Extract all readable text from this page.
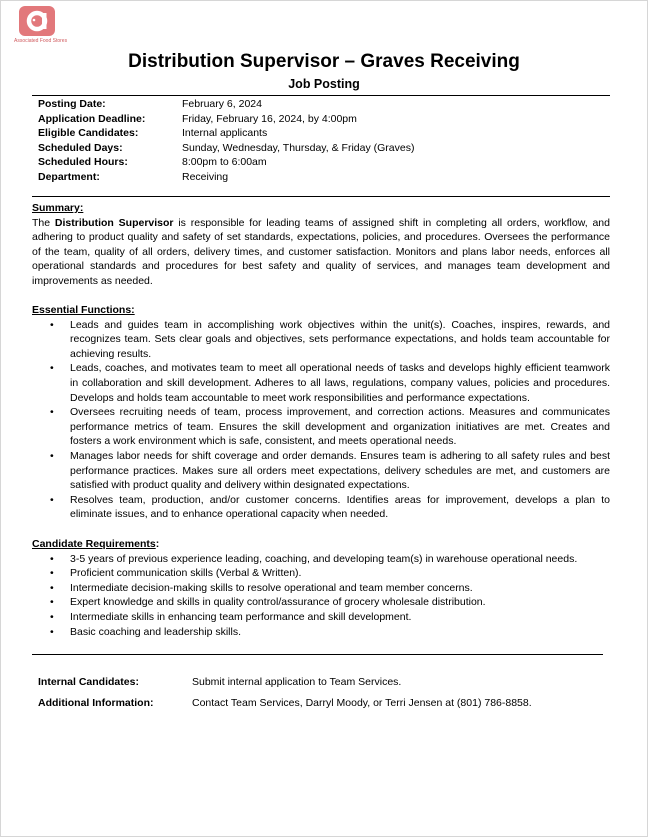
Associated Food Stores
Distribution Supervisor – Graves Receiving
Job Posting
Posting Date:	February 6, 2024
Application Deadline:	Friday, February 16, 2024, by 4:00pm
Eligible Candidates:	Internal applicants
Scheduled Days:	Sunday, Wednesday, Thursday, & Friday (Graves)
Scheduled Hours:	8:00pm to 6:00am
Department:	Receiving
Summary:
The Distribution Supervisor is responsible for leading teams of assigned shift in completing all orders, workflow, and adhering to product quality and safety of set standards, expectations, policies, and procedures. Oversees the performance of the team, quality of all orders, delivery times, and customer satisfaction. Monitors and plans labor needs, enforces all operational standards and procedures for best safety and quality of services, and manages team development and improvements as needed.
Essential Functions:
• Leads and guides team in accomplishing work objectives within the unit(s). Coaches, inspires, rewards, and recognizes team. Sets clear goals and objectives, sets performance expectations, and holds team accountable for achieving results.
• Leads, coaches, and motivates team to meet all operational needs of tasks and develops highly efficient teamwork in collaboration and skill development. Adheres to all laws, regulations, company values, policies and procedures. Develops and holds team accountable to meet work responsibilities and performance expectations.
• Oversees recruiting needs of team, process improvement, and correction actions. Measures and communicates performance metrics of team. Ensures the skill development and organization initiatives are met. Creates and fosters a work environment which is safe, consistent, and meets operational needs.
• Manages labor needs for shift coverage and order demands. Ensures team is adhering to all safety rules and best performance practices. Makes sure all orders meet expectations, delivery schedules are met, and customers are satisfied with product quality and delivery within designated expectations.
• Resolves team, production, and/or customer concerns. Identifies areas for improvement, develops a plan to eliminate issues, and to enhance operational capacity when needed.
Candidate Requirements:
• 3-5 years of previous experience leading, coaching, and developing team(s) in warehouse operational needs.
• Proficient communication skills (Verbal & Written).
• Intermediate decision-making skills to resolve operational and team member concerns.
• Expert knowledge and skills in quality control/assurance of grocery wholesale distribution.
• Intermediate skills in enhancing team performance and skill development.
• Basic coaching and leadership skills.
Internal Candidates:	Submit internal application to Team Services.
Additional Information:	Contact Team Services, Darryl Moody, or Terri Jensen at (801) 786-8858.
